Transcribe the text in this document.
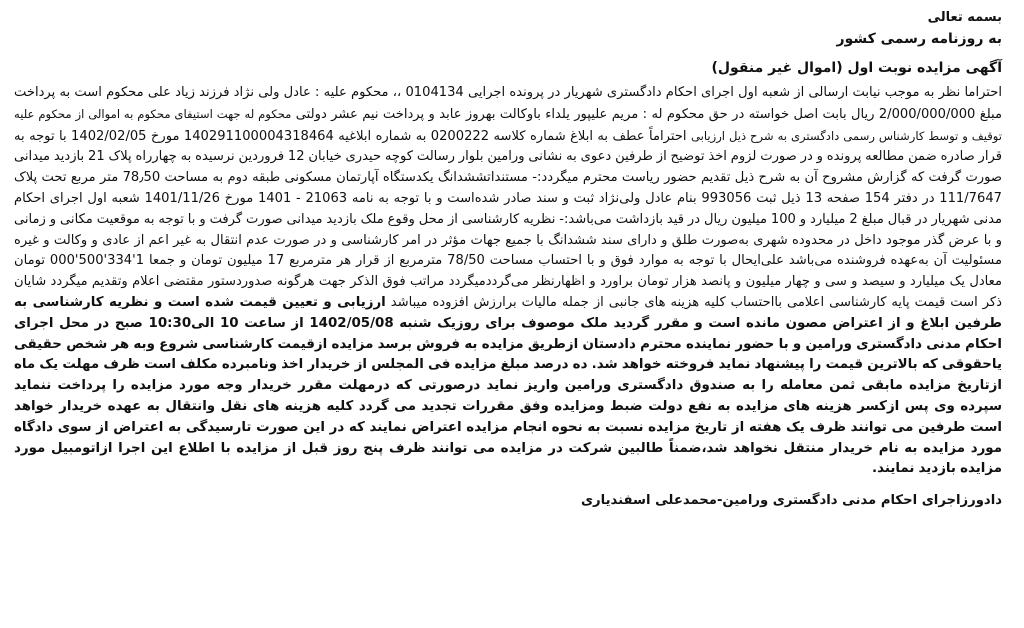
بسمه تعالی

به روزنامه رسمی کشور

آگهی مزایده نوبت اول (اموال غیر منقول)

احتراما نظر به موجب نیابت ارسالی از شعبه اول اجرای احکام دادگستری شهریار در پرونده اجرایی 0104134 ،، محکوم علیه : عادل ولی نژاد فرزند زیاد علی محکوم است به پرداخت مبلغ 2/000/000/000 ریال بابت اصل خواسته در حق محکوم له : مریم علیپور یلداء باوکالت بهروز عابد و پرداخت نیم عشر دولتی محکوم له جهت استیفای محکوم به اموالی از محکوم علیه توقیف و توسط کارشناس رسمی دادگستری به شرح ذیل ارزیابی احتراماً عطف به ابلاغ شماره کلاسه 0200222 به شماره ابلاغیه 140291100004318464 مورخ 1402/02/05 با توجه به قرار صادره ضمن مطالعه پرونده و در صورت لزوم اخذ توضیح از طرفین دعوی به نشانی ورامین بلوار رسالت کوچه حیدری خیابان 12 فروردین نرسیده به چهارراه پلاک 21 بازدید میدانی صورت گرفت که گزارش مشروح آن به شرح ذیل تقدیم حضور ریاست محترم میگردد:- مستنداتششدانگ یکدستگاه آپارتمان مسکونی طبقه دوم به مساحت 78٫50 متر مربع تحت پلاک 111/7647 در دفتر 154 صفحه 13 ذیل ثبت 993056 بنام عادل ولی‌نژاد ثبت و سند صادر شده‌است و با توجه به نامه 21063 - 1401 مورخ 1401/11/26 شعبه اول اجرای احکام مدنی شهریار در قبال مبلغ 2 میلیارد و 100 میلیون ریال در قید بازداشت می‌باشد:- نظریه کارشناسی از محل وقوع ملک بازدید میدانی صورت گرفت و با توجه به موقعیت مکانی و زمانی و با عرض گذر موجود داخل در محدوده شهری به‌صورت طلق و دارای سند ششدانگ با جمیع جهات مؤثر در امر کارشناسی و در صورت عدم انتقال به غیر اعم از عادی و وکالت و غیره مسئولیت آن به‌عهده فروشنده می‌باشد علی‌ایحال با توجه به موارد فوق و با احتساب مساحت 78/50 مترمربع از قرار هر مترمربع 17 میلیون تومان و جمعا 1'334'500'000 تومان معادل یک میلیارد و سیصد و سی و چهار میلیون و پانصد هزار تومان براورد و اظهارنظر می‌گرددمیگردد مراتب فوق الذکر جهت هرگونه صدوردستور مقتضی اعلام وتقدیم میگردد شایان ذکر است قیمت پایه کارشناسی اعلامی بااحتساب کلیه هزینه های جانبی از جمله مالیات برارزش افزوده میباشد ارزیابی و تعیین قیمت شده است و نظریه کارشناسی به طرفین ابلاغ و از اعتراض مصون مانده است و مقرر گردید ملک موصوف برای روزیک شنبه 1402/05/08 از ساعت 10 الی10:30 صبح در محل اجرای احکام مدنی دادگستری ورامین و با حضور نماینده محترم دادستان ازطریق مزایده به فروش برسد مزایده ازقیمت کارشناسی شروع وبه هر شخص حقیقی یاحقوقی که بالاترین قیمت را پیشنهاد نماید فروخته خواهد شد. ده درصد مبلغ مزایده فی المجلس از خریدار اخذ ونامبرده مکلف است ظرف مهلت یک ماه ازتاریخ مزایده مابقی ثمن معامله را به صندوق دادگستری ورامین واریز نماید درصورتی که درمهلت مقرر خریدار وجه مورد مزایده را پرداخت ننماید سپرده وی پس ازکسر هزینه های مزایده به نفع دولت ضبط ومزایده وفق مقررات تجدید می گردد کلیه هزینه های نقل وانتقال به عهده خریدار خواهد است طرفین می توانند ظرف یک هفته از تاریخ مزایده نسبت به نحوه انجام مزایده اعتراض نمایند که در این صورت تارسیدگی به اعتراض از سوی دادگاه مورد مزایده به نام خریدار منتقل نخواهد شد،ضمناً طالبین شرکت در مزایده می توانند ظرف پنج روز قبل از مزایده با اطلاع این اجرا ازاتومبیل مورد مزایده بازدید نمایند.

دادورزاجرای احکام مدنی دادگستری ورامین-محمدعلی اسفندیاری
